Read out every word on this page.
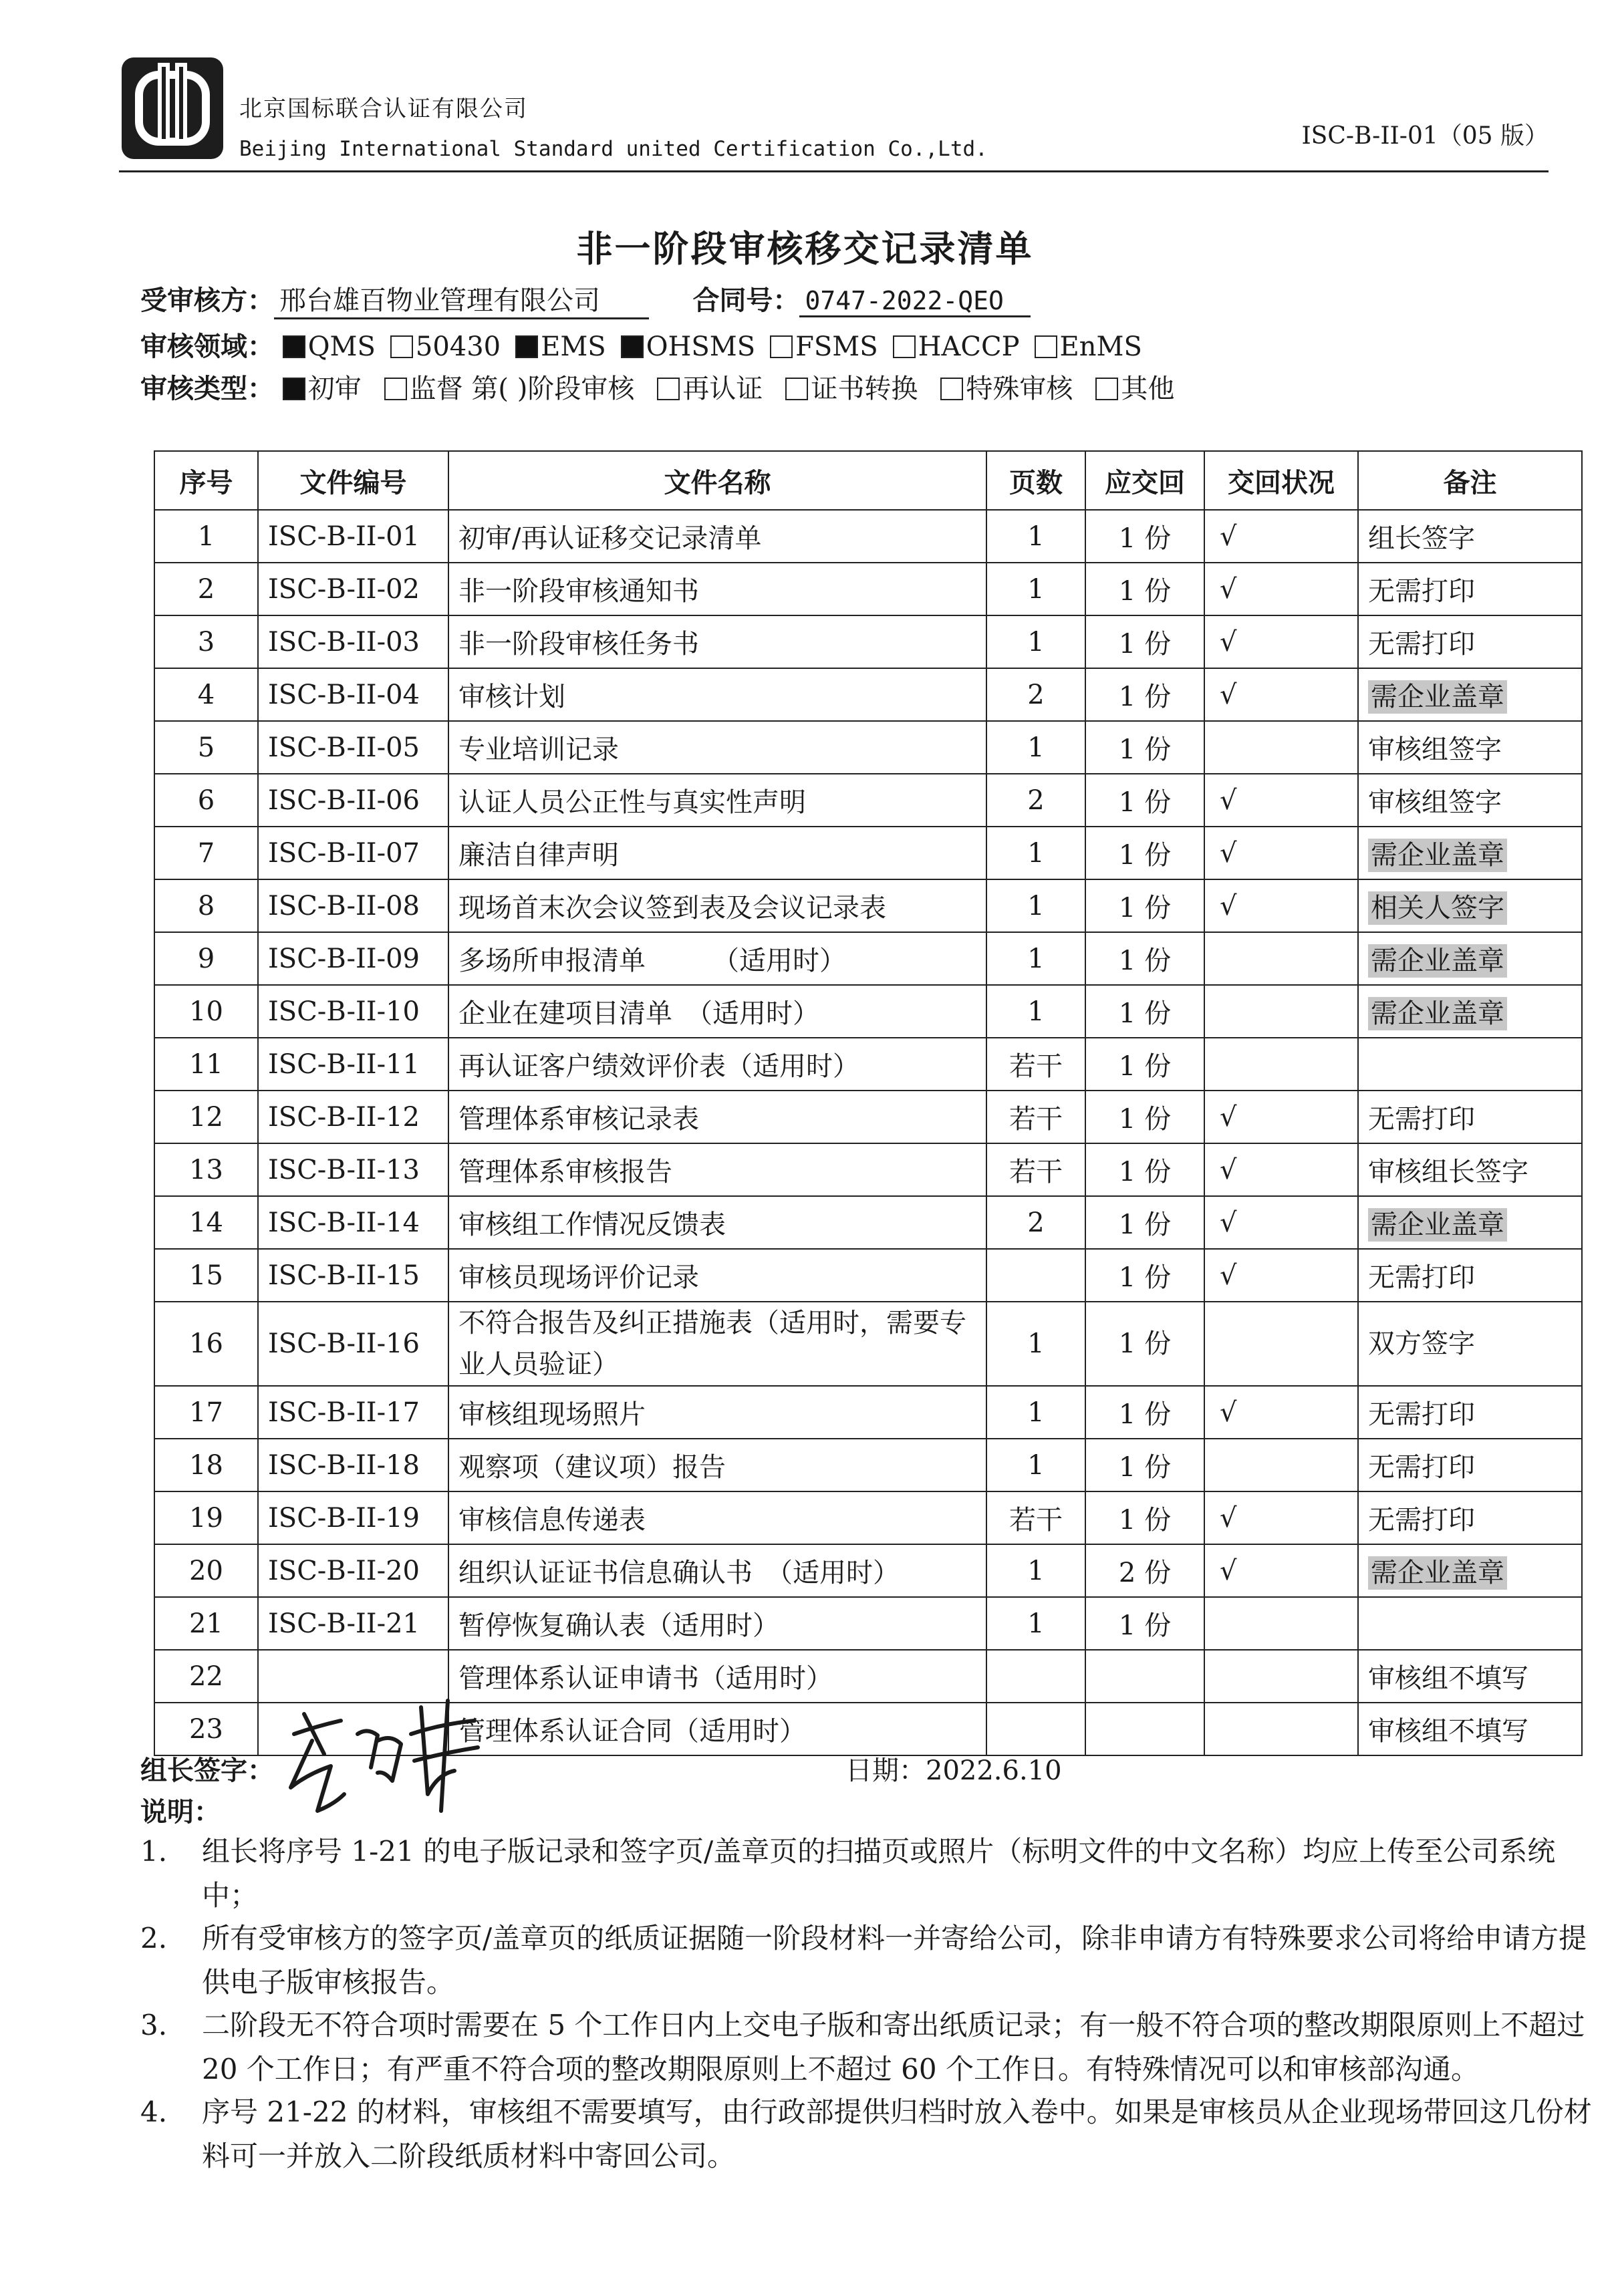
北京国标联合认证有限公司
Beijing International Standard united Certification Co.,Ltd.	ISC-B-II-01（05 版）
非一阶段审核移交记录清单
受审核方： 邢台雄百物业管理有限公司	合同号： 0747-2022-QEO
审核领域： QMS 50430 EMS OHSMS FSMS HACCP EnMS
审核类型： 初审 监督 第( )阶段审核 再认证 证书转换 特殊审核 其他
序号	文件编号	文件名称	页数	应交回	交回状况	备注
1	ISC-B-II-01	初审/再认证移交记录清单	1	1 份	√	组长签字
2	ISC-B-II-02	非一阶段审核通知书	1	1 份	√	无需打印
3	ISC-B-II-03	非一阶段审核任务书	1	1 份	√	无需打印
4	ISC-B-II-04	审核计划	2	1 份	√	需企业盖章
5	ISC-B-II-05	专业培训记录	1	1 份		审核组签字
6	ISC-B-II-06	认证人员公正性与真实性声明	2	1 份	√	审核组签字
7	ISC-B-II-07	廉洁自律声明	1	1 份	√	需企业盖章
8	ISC-B-II-08	现场首末次会议签到表及会议记录表	1	1 份	√	相关人签字
9	ISC-B-II-09	多场所申报清单　　　（适用时）	1	1 份		需企业盖章
10	ISC-B-II-10	企业在建项目清单　（适用时）	1	1 份		需企业盖章
11	ISC-B-II-11	再认证客户绩效评价表（适用时）	若干	1 份		
12	ISC-B-II-12	管理体系审核记录表	若干	1 份	√	无需打印
13	ISC-B-II-13	管理体系审核报告	若干	1 份	√	审核组长签字
14	ISC-B-II-14	审核组工作情况反馈表	2	1 份	√	需企业盖章
15	ISC-B-II-15	审核员现场评价记录		1 份	√	无需打印
16	ISC-B-II-16	不符合报告及纠正措施表（适用时，需要专业人员验证）	1	1 份		双方签字
17	ISC-B-II-17	审核组现场照片	1	1 份	√	无需打印
18	ISC-B-II-18	观察项（建议项）报告	1	1 份		无需打印
19	ISC-B-II-19	审核信息传递表	若干	1 份	√	无需打印
20	ISC-B-II-20	组织认证证书信息确认书　（适用时）	1	2 份	√	需企业盖章
21	ISC-B-II-21	暂停恢复确认表（适用时）	1	1 份		
22		管理体系认证申请书（适用时）				审核组不填写
23		管理体系认证合同（适用时）				审核组不填写
组长签字：	日期：2022.6.10
说明：
1. 组长将序号 1-21 的电子版记录和签字页/盖章页的扫描页或照片（标明文件的中文名称）均应上传至公司系统中；
2. 所有受审核方的签字页/盖章页的纸质证据随一阶段材料一并寄给公司，除非申请方有特殊要求公司将给申请方提供电子版审核报告。
3. 二阶段无不符合项时需要在 5 个工作日内上交电子版和寄出纸质记录；有一般不符合项的整改期限原则上不超过 20 个工作日；有严重不符合项的整改期限原则上不超过 60 个工作日。有特殊情况可以和审核部沟通。
4. 序号 21-22 的材料，审核组不需要填写，由行政部提供归档时放入卷中。如果是审核员从企业现场带回这几份材料可一并放入二阶段纸质材料中寄回公司。
